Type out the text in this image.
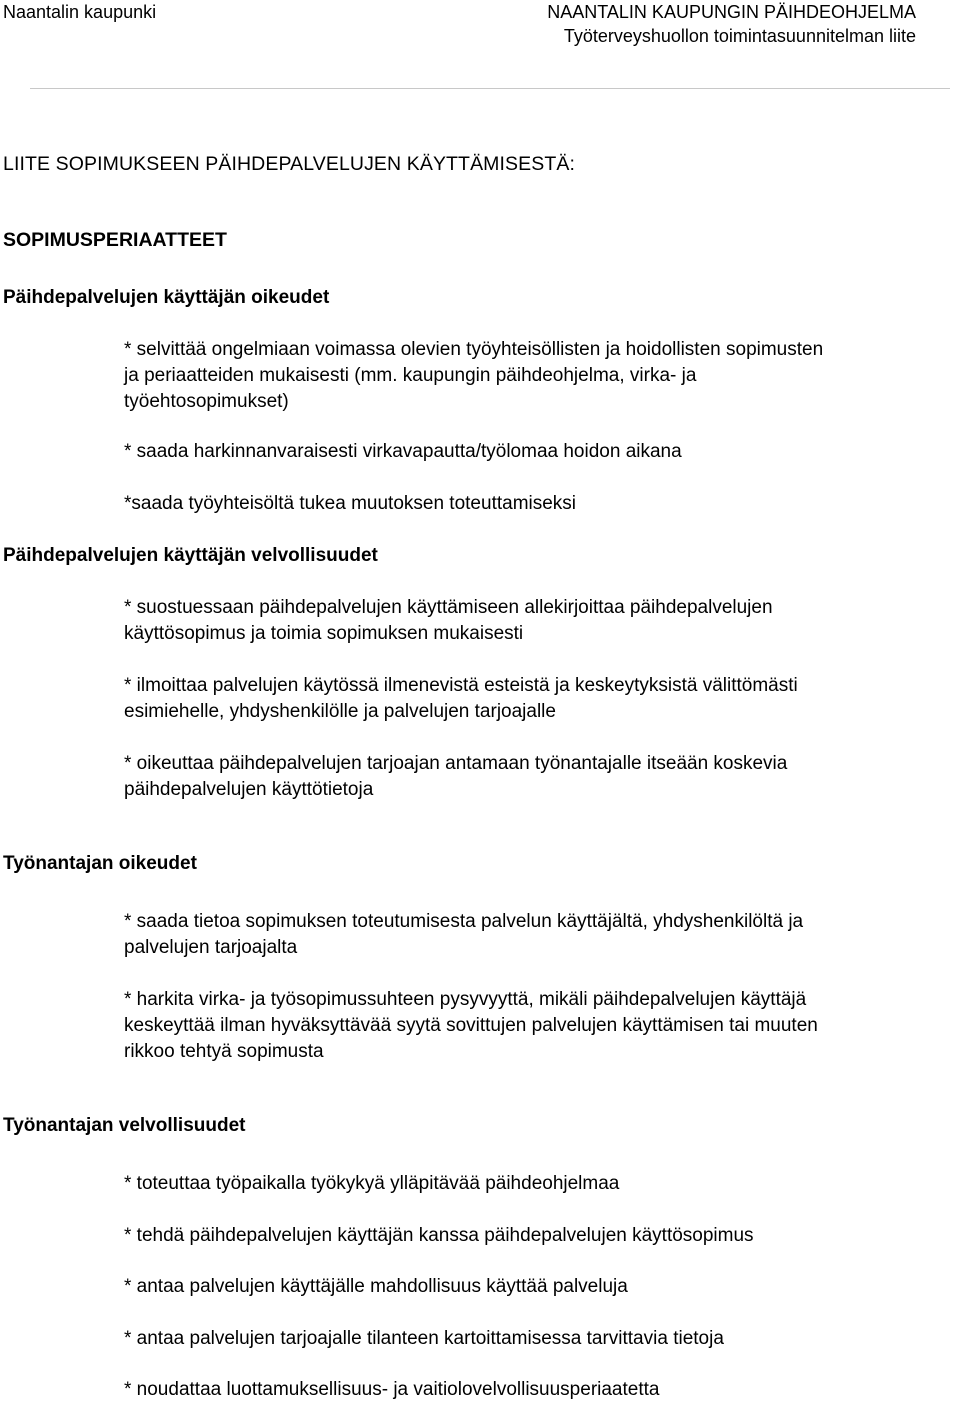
Naantalin kaupunki	NAANTALIN KAUPUNGIN PÄIHDEOHJELMA
Työterveyshuollon toimintasuunnitelman liite
LIITE SOPIMUKSEEN PÄIHDEPALVELUJEN KÄYTTÄMISESTÄ:
SOPIMUSPERIAATTEET
Päihdepalvelujen käyttäjän oikeudet
* selvittää ongelmiaan voimassa olevien työyhteisöllisten ja hoidollisten sopimusten
ja periaatteiden mukaisesti (mm. kaupungin päihdeohjelma, virka- ja
työehtosopimukset)
* saada harkinnanvaraisesti virkavapautta/työlomaa hoidon aikana
*saada työyhteisöltä tukea muutoksen toteuttamiseksi
Päihdepalvelujen käyttäjän velvollisuudet
* suostuessaan päihdepalvelujen käyttämiseen allekirjoittaa päihdepalvelujen
käyttösopimus ja toimia sopimuksen mukaisesti
* ilmoittaa palvelujen käytössä ilmenevistä esteistä ja keskeytyksistä välittömästi
esimiehelle, yhdyshenkilölle ja palvelujen tarjoajalle
* oikeuttaa päihdepalvelujen tarjoajan antamaan työnantajalle itseään koskevia
päihdepalvelujen käyttötietoja
Työnantajan oikeudet
* saada tietoa sopimuksen toteutumisesta palvelun käyttäjältä, yhdyshenkilöltä ja
palvelujen tarjoajalta
* harkita virka- ja työsopimussuhteen pysyvyyttä, mikäli päihdepalvelujen käyttäjä
keskeyttää ilman hyväksyttävää syytä sovittujen palvelujen käyttämisen tai muuten
rikkoo tehtyä sopimusta
Työnantajan velvollisuudet
* toteuttaa työpaikalla työkykyä ylläpitävää päihdeohjelmaa
* tehdä päihdepalvelujen käyttäjän kanssa päihdepalvelujen käyttösopimus
* antaa palvelujen käyttäjälle mahdollisuus käyttää palveluja
* antaa palvelujen tarjoajalle tilanteen kartoittamisessa tarvittavia tietoja
* noudattaa luottamuksellisuus- ja vaitiolovelvollisuusperiaatetta
